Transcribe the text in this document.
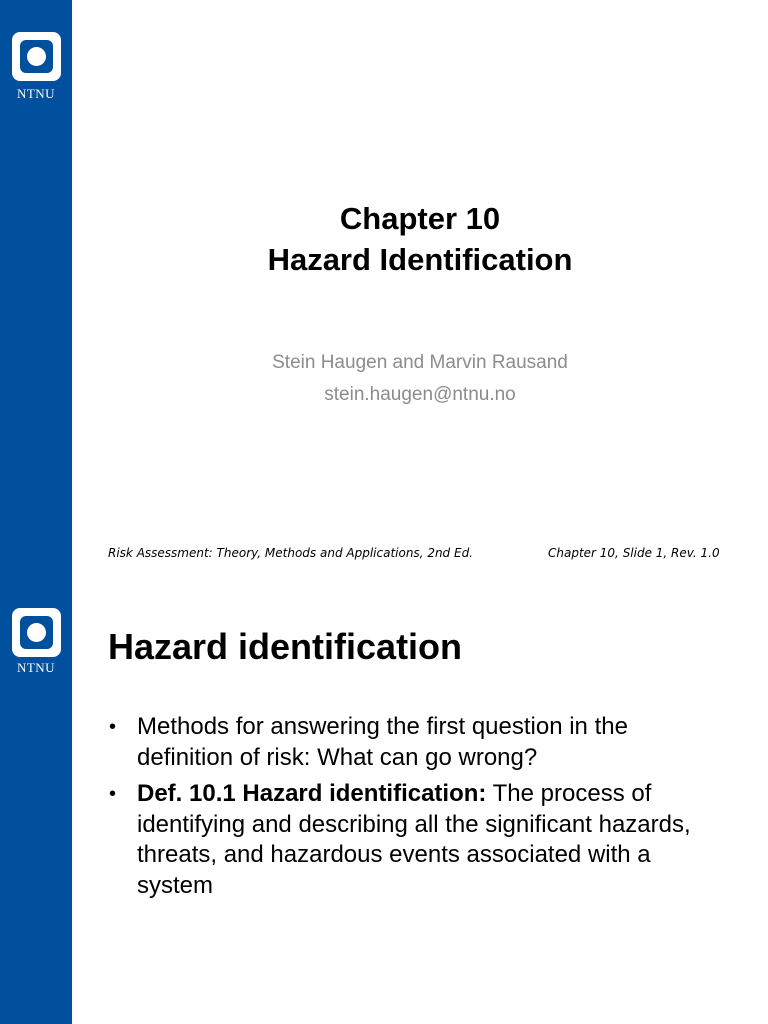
NTNU
Chapter 10
Hazard Identification
Stein Haugen and Marvin Rausand
stein.haugen@ntnu.no
Risk Assessment: Theory, Methods and Applications, 2nd Ed.	Chapter 10, Slide 1, Rev. 1.0
NTNU
Hazard identification
• Methods for answering the first question in the definition of risk: What can go wrong?
• Def. 10.1 Hazard identification: The process of identifying and describing all the significant hazards, threats, and hazardous events associated with a system
